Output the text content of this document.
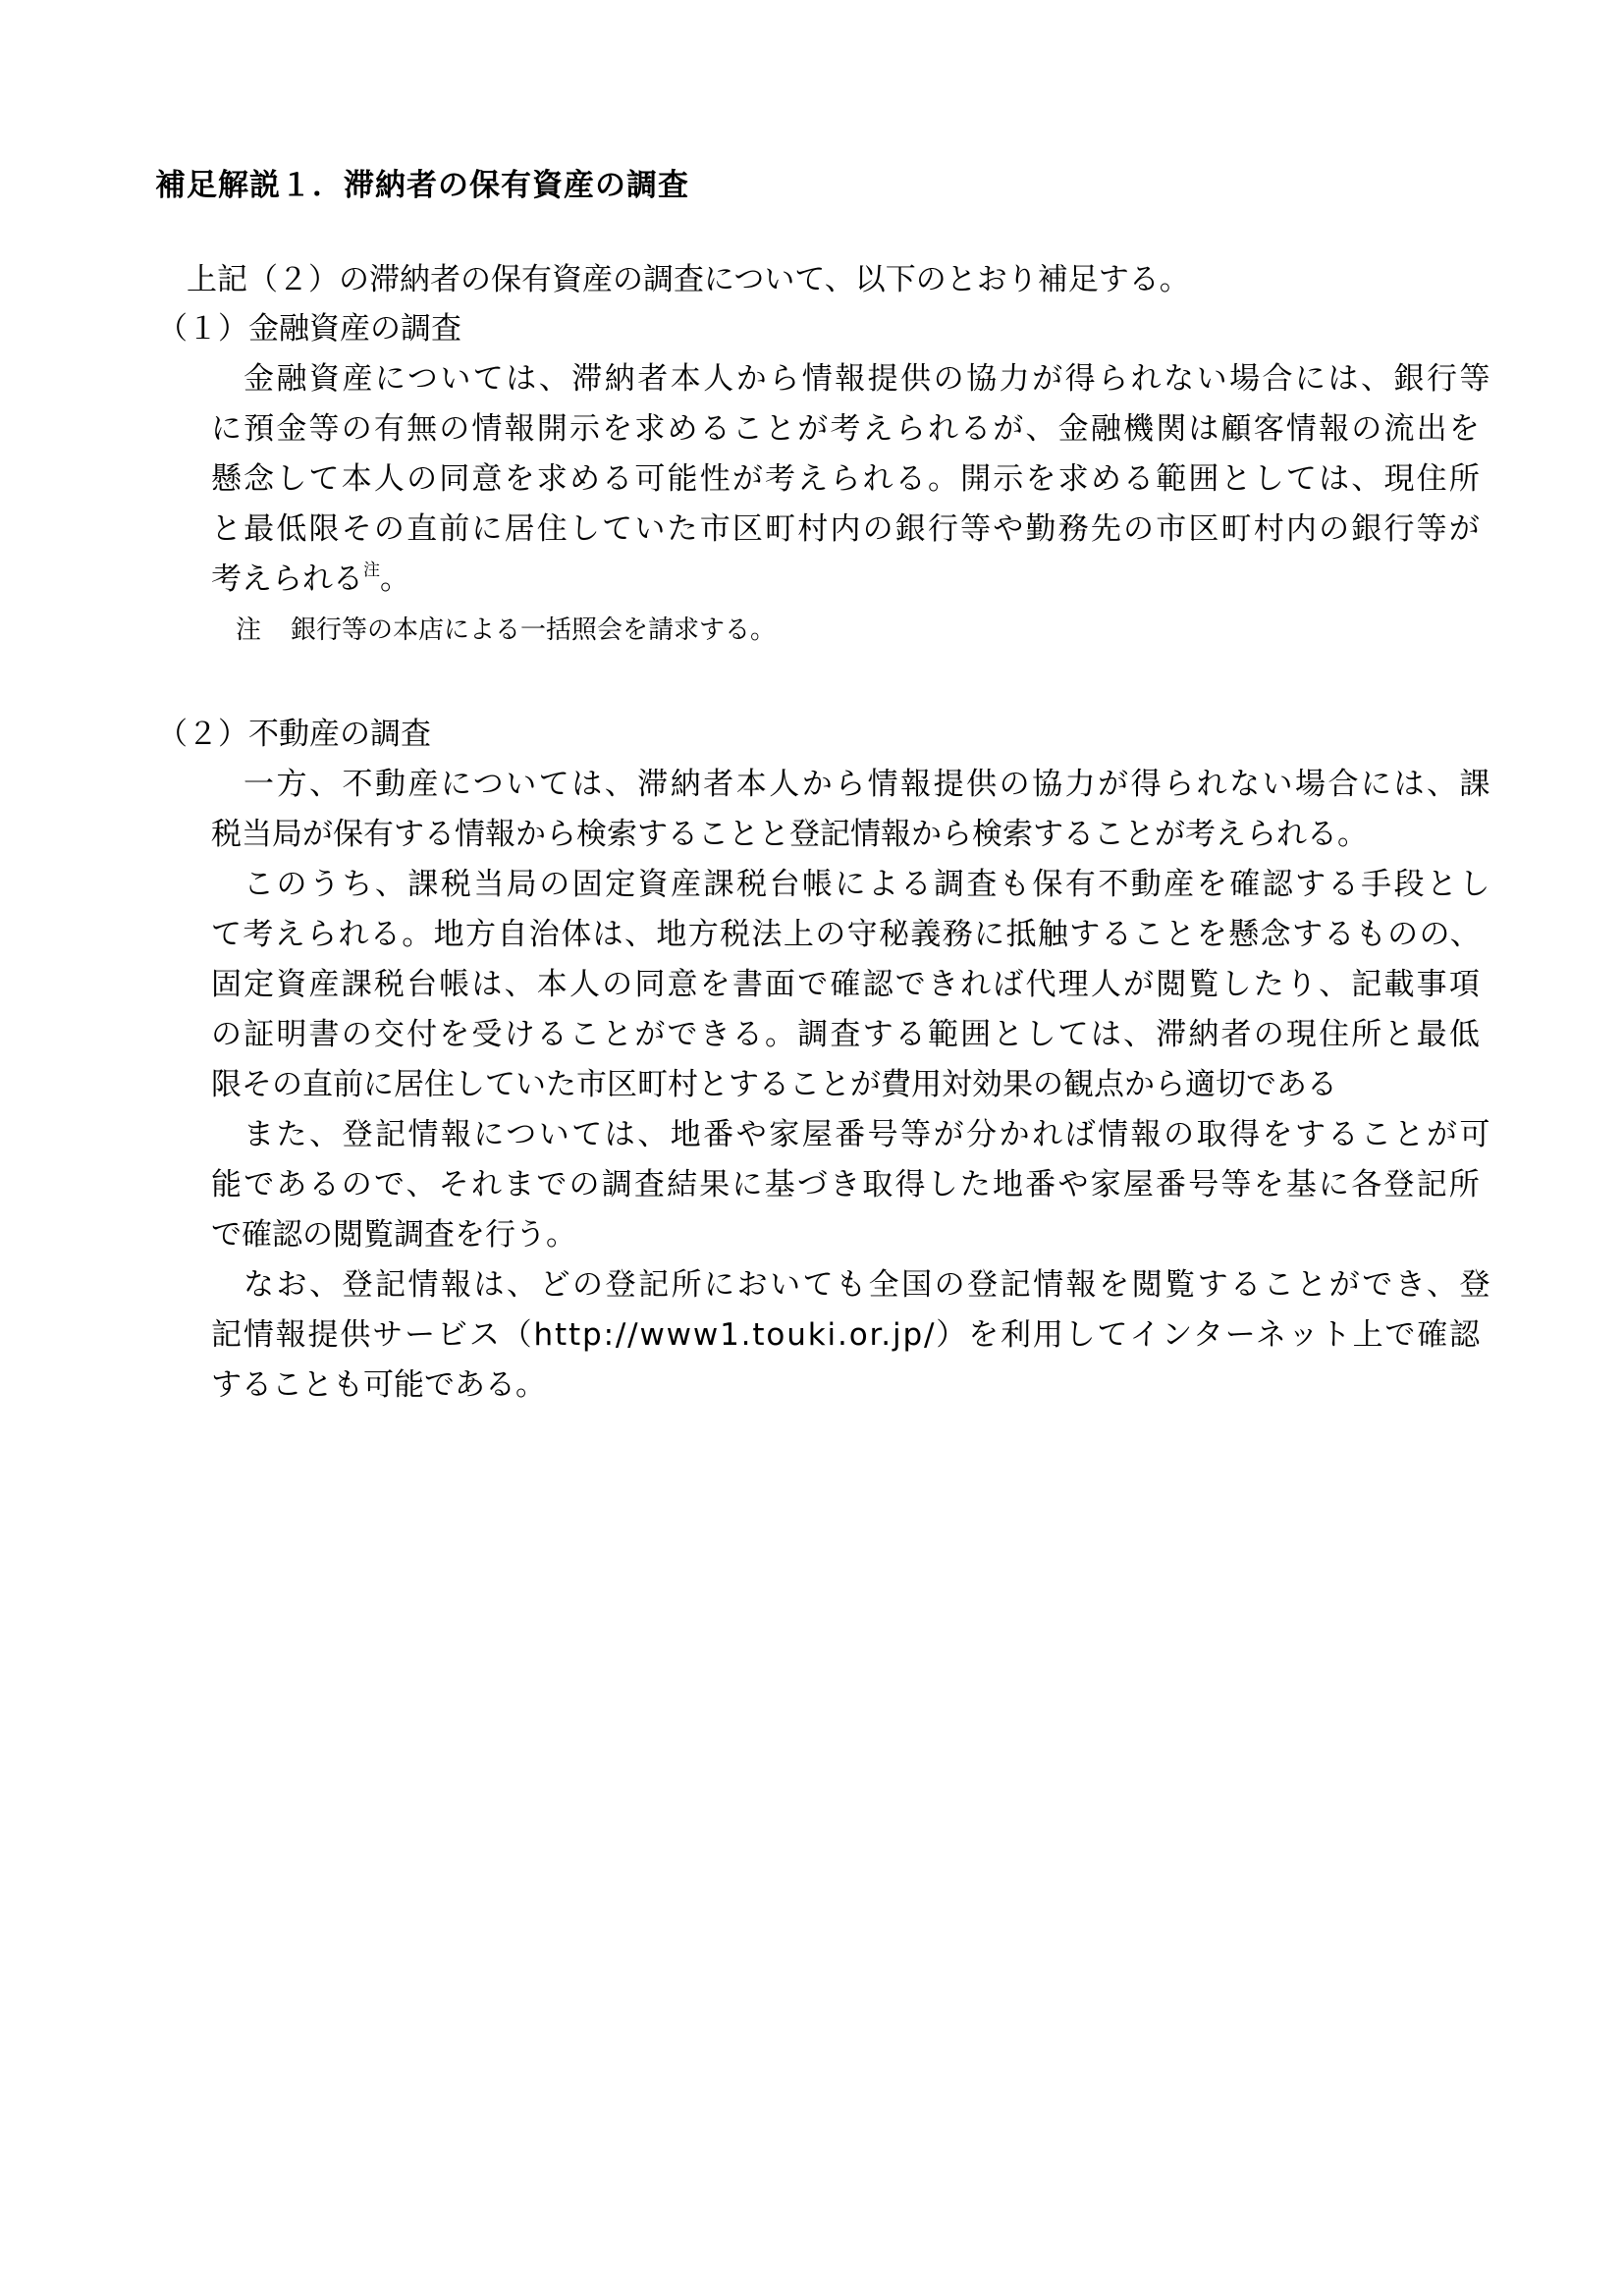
補足解説１．滞納者の保有資産の調査
上記（２）の滞納者の保有資産の調査について、以下のとおり補足する。
（１）金融資産の調査
金融資産については、滞納者本人から情報提供の協力が得られない場合には、銀行等
に預金等の有無の情報開示を求めることが考えられるが、金融機関は顧客情報の流出を
懸念して本人の同意を求める可能性が考えられる。開示を求める範囲としては、現住所
と最低限その直前に居住していた市区町村内の銀行等や勤務先の市区町村内の銀行等が
考えられる$^注$。
注 銀行等の本店による一括照会を請求する。
（２）不動産の調査
一方、不動産については、滞納者本人から情報提供の協力が得られない場合には、課
税当局が保有する情報から検索することと登記情報から検索することが考えられる。
このうち、課税当局の固定資産課税台帳による調査も保有不動産を確認する手段とし
て考えられる。地方自治体は、地方税法上の守秘義務に抵触することを懸念するものの、
固定資産課税台帳は、本人の同意を書面で確認できれば代理人が閲覧したり、記載事項
の証明書の交付を受けることができる。調査する範囲としては、滞納者の現住所と最低
限その直前に居住していた市区町村とすることが費用対効果の観点から適切である
また、登記情報については、地番や家屋番号等が分かれば情報の取得をすることが可
能であるので、それまでの調査結果に基づき取得した地番や家屋番号等を基に各登記所
で確認の閲覧調査を行う。
なお、登記情報は、どの登記所においても全国の登記情報を閲覧することができ、登
記情報提供サービス（http://www1.touki.or.jp/）を利用してインターネット上で確認
することも可能である。
